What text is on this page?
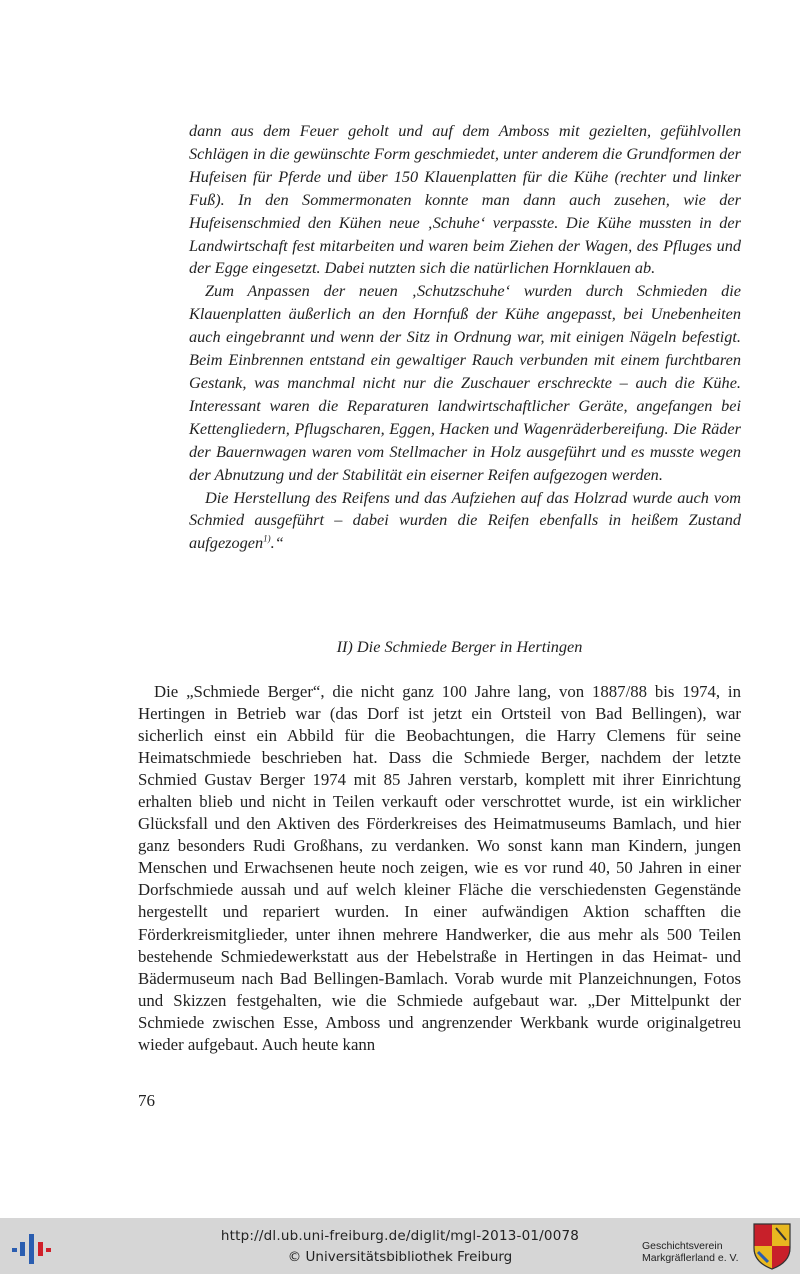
dann aus dem Feuer geholt und auf dem Amboss mit gezielten, gefühlvollen Schlägen in die gewünschte Form geschmiedet, unter anderem die Grundformen der Hufeisen für Pferde und über 150 Klauenplatten für die Kühe (rechter und linker Fuß). In den Sommermonaten konnte man dann auch zusehen, wie der Hufeisenschmied den Kühen neue ‚Schuhe‘ verpasste. Die Kühe mussten in der Landwirtschaft fest mitarbeiten und waren beim Ziehen der Wagen, des Pfluges und der Egge eingesetzt. Dabei nutzten sich die natürlichen Hornklauen ab.

Zum Anpassen der neuen ‚Schutzschuhe‘ wurden durch Schmieden die Klauenplatten äußerlich an den Hornfuß der Kühe angepasst, bei Unebenheiten auch eingebrannt und wenn der Sitz in Ordnung war, mit einigen Nägeln befestigt. Beim Einbrennen entstand ein gewaltiger Rauch verbunden mit einem furchtbaren Gestank, was manchmal nicht nur die Zuschauer erschreckte – auch die Kühe. Interessant waren die Reparaturen landwirtschaftlicher Geräte, angefangen bei Kettengliedern, Pflugscharen, Eggen, Hacken und Wagenräderbereifung. Die Räder der Bauernwagen waren vom Stellmacher in Holz ausgeführt und es musste wegen der Abnutzung und der Stabilität ein eiserner Reifen aufgezogen werden.

Die Herstellung des Reifens und das Aufziehen auf das Holzrad wurde auch vom Schmied ausgeführt – dabei wurden die Reifen ebenfalls in heißem Zustand aufgezogen$^{1)}$.“

II) Die Schmiede Berger in Hertingen

Die „Schmiede Berger“, die nicht ganz 100 Jahre lang, von 1887/88 bis 1974, in Hertingen in Betrieb war (das Dorf ist jetzt ein Ortsteil von Bad Bellingen), war sicherlich einst ein Abbild für die Beobachtungen, die Harry Clemens für seine Heimatschmiede beschrieben hat. Dass die Schmiede Berger, nachdem der letzte Schmied Gustav Berger 1974 mit 85 Jahren verstarb, komplett mit ihrer Einrichtung erhalten blieb und nicht in Teilen verkauft oder verschrottet wurde, ist ein wirklicher Glücksfall und den Aktiven des Förderkreises des Heimatmuseums Bamlach, und hier ganz besonders Rudi Großhans, zu verdanken. Wo sonst kann man Kindern, jungen Menschen und Erwachsenen heute noch zeigen, wie es vor rund 40, 50 Jahren in einer Dorfschmiede aussah und auf welch kleiner Fläche die verschiedensten Gegenstände hergestellt und repariert wurden. In einer aufwändigen Aktion schafften die Förderkreismitglieder, unter ihnen mehrere Handwerker, die aus mehr als 500 Teilen bestehende Schmiedewerkstatt aus der Hebelstraße in Hertingen in das Heimat- und Bädermuseum nach Bad Bellingen-Bamlach. Vorab wurde mit Planzeichnungen, Fotos und Skizzen festgehalten, wie die Schmiede aufgebaut war. „Der Mittelpunkt der Schmiede zwischen Esse, Amboss und angrenzender Werkbank wurde originalgetreu wieder aufgebaut. Auch heute kann

76
http://dl.ub.uni-freiburg.de/diglit/mgl-2013-01/0078
© Universitätsbibliothek Freiburg
Geschichtsverein
Markgräflerland e. V.
